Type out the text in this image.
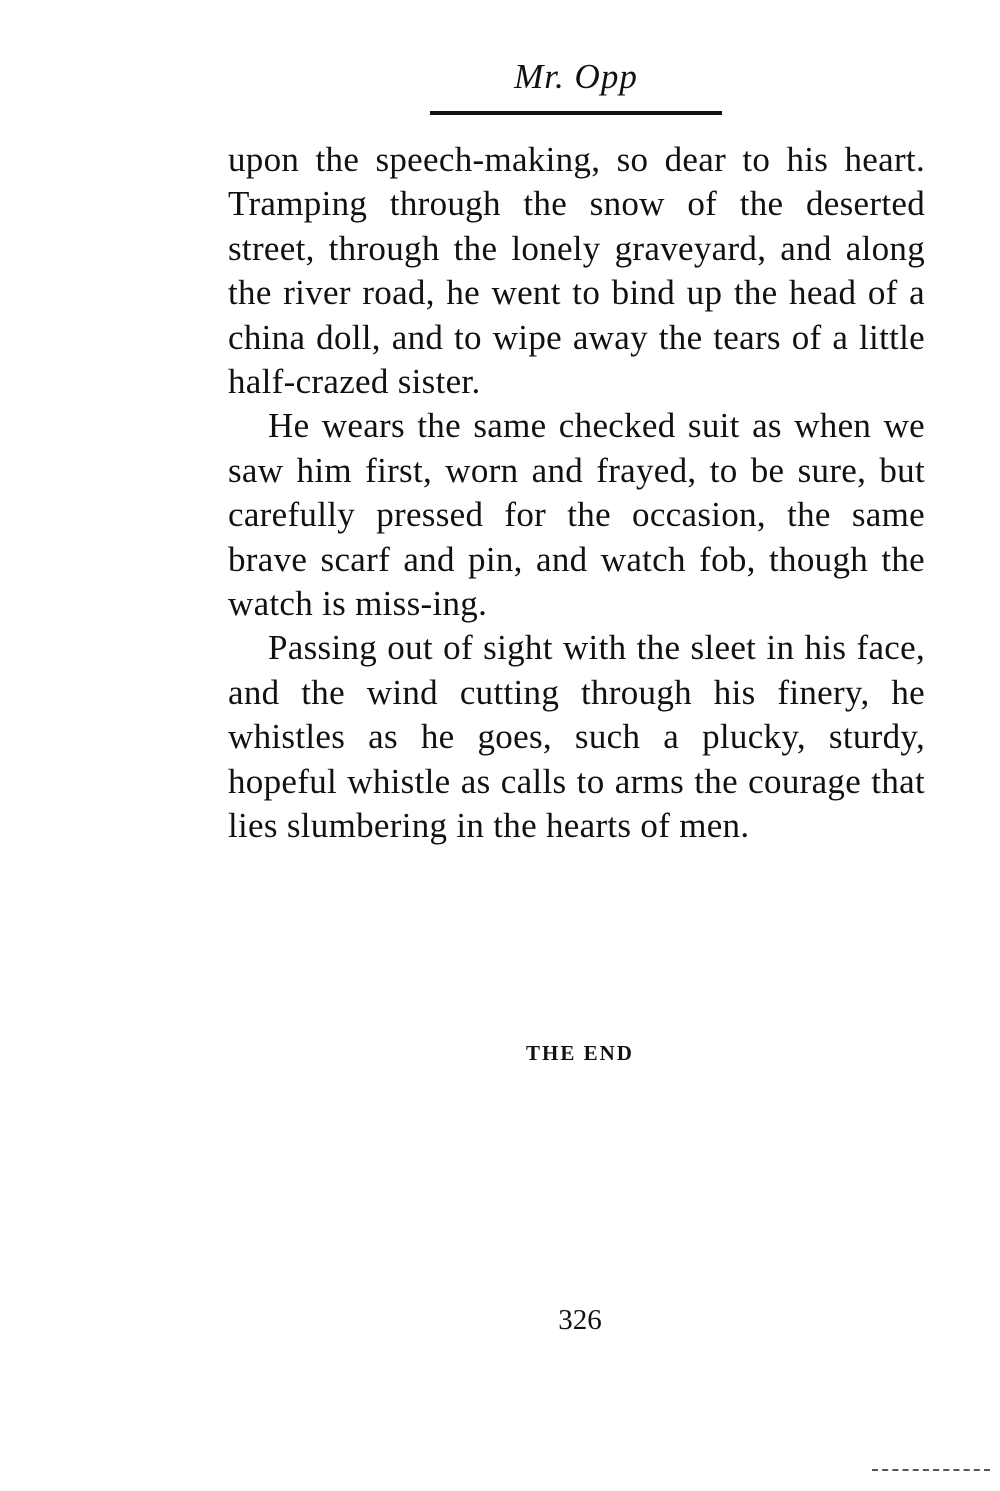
Mr. Opp

upon the speech-making, so dear to his heart. Tramping through the snow of the deserted street, through the lonely graveyard, and along the river road, he went to bind up the head of a china doll, and to wipe away the tears of a little half-crazed sister.

He wears the same checked suit as when we saw him first, worn and frayed, to be sure, but carefully pressed for the occasion, the same brave scarf and pin, and watch fob, though the watch is miss-ing.

Passing out of sight with the sleet in his face, and the wind cutting through his finery, he whistles as he goes, such a plucky, sturdy, hopeful whistle as calls to arms the courage that lies slumbering in the hearts of men.

THE END
326
